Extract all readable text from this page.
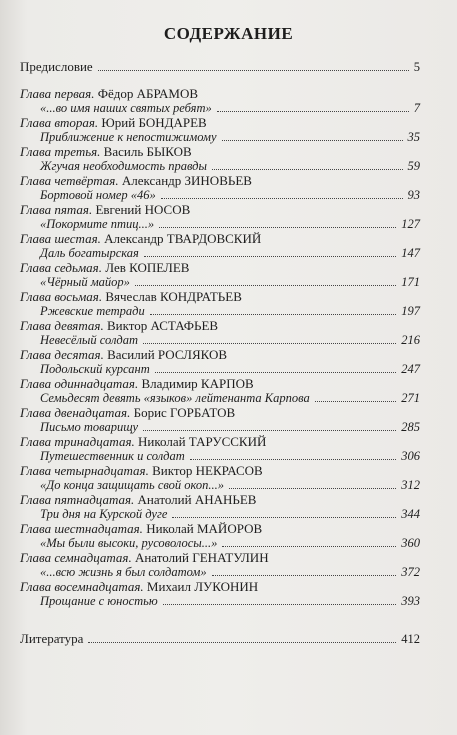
СОДЕРЖАНИЕ
Предисловие	5
Глава первая. Фёдор АБРАМОВ
«...во имя наших святых ребят»	7
Глава вторая. Юрий БОНДАРЕВ
Приближение к непостижимому	35
Глава третья. Василь БЫКОВ
Жгучая необходимость правды	59
Глава четвёртая. Александр ЗИНОВЬЕВ
Бортовой номер «46»	93
Глава пятая. Евгений НОСОВ
«Покормите птиц...»	127
Глава шестая. Александр ТВАРДОВСКИЙ
Даль богатырская	147
Глава седьмая. Лев КОПЕЛЕВ
«Чёрный майор»	171
Глава восьмая. Вячеслав КОНДРАТЬЕВ
Ржевские тетради	197
Глава девятая. Виктор АСТАФЬЕВ
Невесёлый солдат	216
Глава десятая. Василий РОСЛЯКОВ
Подольский курсант	247
Глава одиннадцатая. Владимир КАРПОВ
Семьдесят девять «языков» лейтенанта Карпова	271
Глава двенадцатая. Борис ГОРБАТОВ
Письмо товарищу	285
Глава тринадцатая. Николай ТАРУССКИЙ
Путешественник и солдат	306
Глава четырнадцатая. Виктор НЕКРАСОВ
«До конца защищать свой окоп...»	312
Глава пятнадцатая. Анатолий АНАНЬЕВ
Три дня на Курской дуге	344
Глава шестнадцатая. Николай МАЙОРОВ
«Мы были высоки, русоволосы...»	360
Глава семнадцатая. Анатолий ГЕНАТУЛИН
«...всю жизнь я был солдатом»	372
Глава восемнадцатая. Михаил ЛУКОНИН
Прощание с юностью	393
Литература	412
